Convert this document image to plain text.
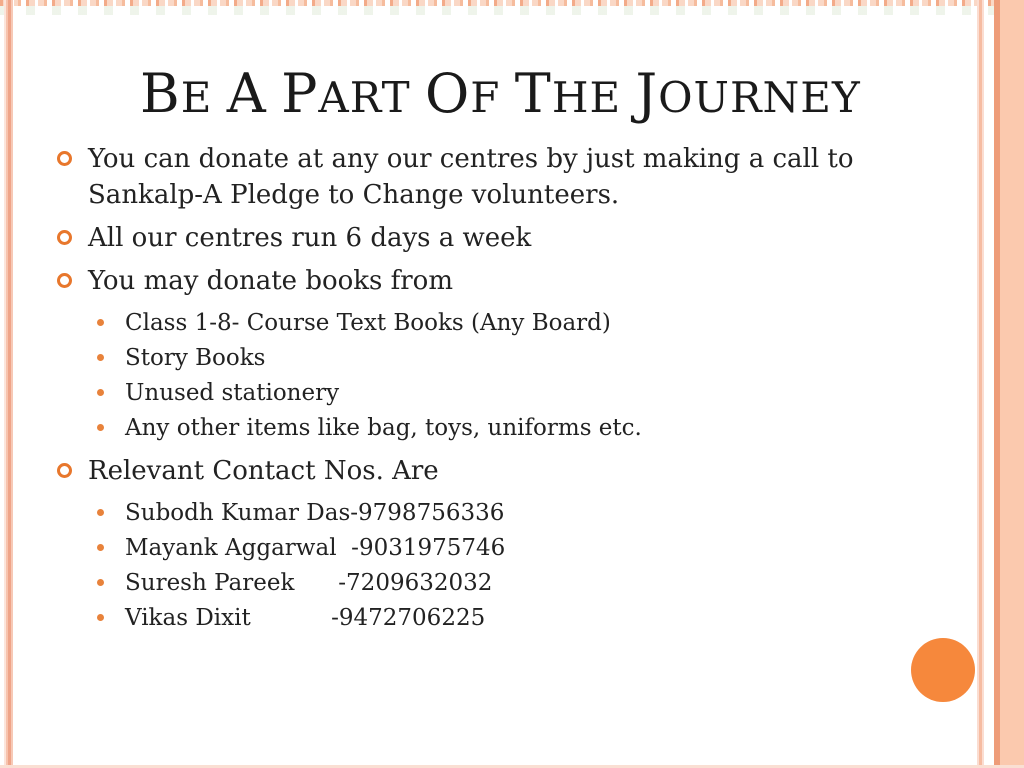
BE A PART OF THE JOURNEY
You can donate at any our centres by just making a call to Sankalp-A Pledge to Change volunteers.
All our centres run 6 days a week
You may donate books from
Class 1-8- Course Text Books (Any Board)
Story Books
Unused stationery
Any other items like bag, toys, uniforms etc.
Relevant Contact Nos. Are
Subodh Kumar Das-9798756336
Mayank Aggarwal  -9031975746
Suresh Pareek      -7209632032
Vikas Dixit           -9472706225
